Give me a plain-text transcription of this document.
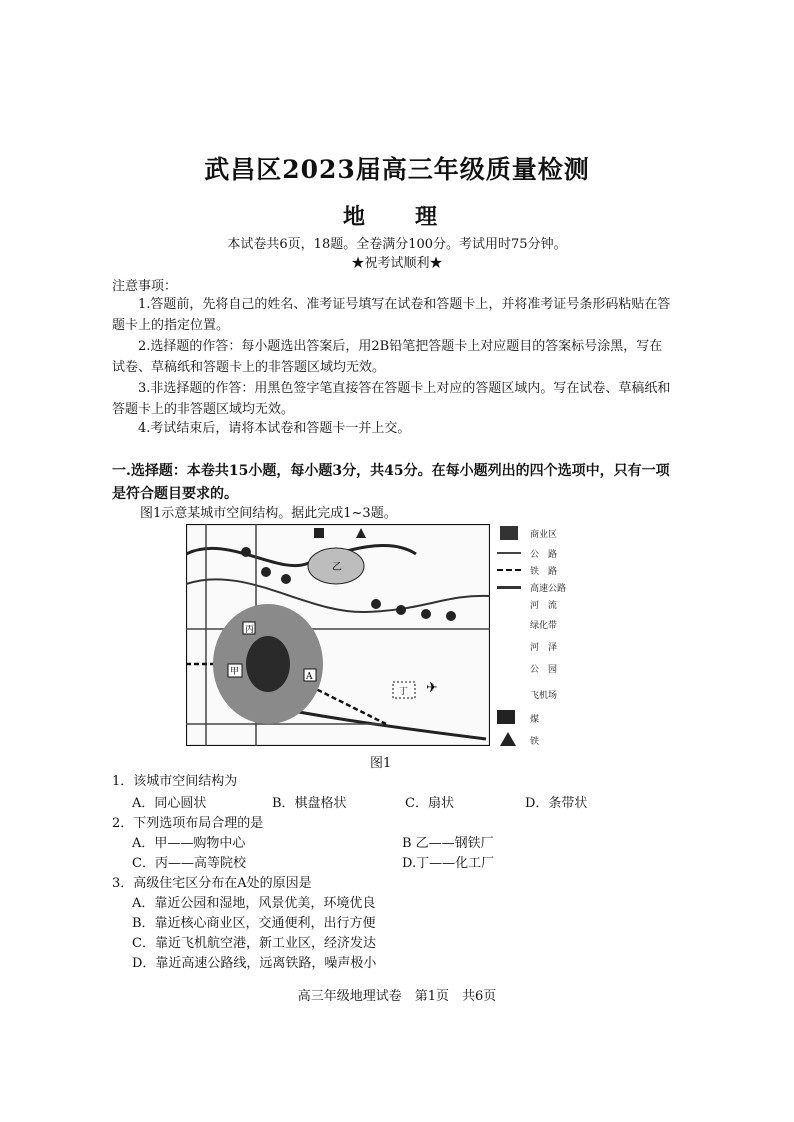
武昌区2023届高三年级质量检测
地　理
本试卷共6页，18题。全卷满分100分。考试用时75分钟。
★祝考试顺利★
注意事项：
1.答题前，先将自己的姓名、准考证号填写在试卷和答题卡上，并将准考证号条形码粘贴在答题卡上的指定位置。
2.选择题的作答：每小题选出答案后，用2B铅笔把答题卡上对应题目的答案标号涂黑，写在试卷、草稿纸和答题卡上的非答题区域均无效。
3.非选择题的作答：用黑色签字笔直接答在答题卡上对应的答题区域内。写在试卷、草稿纸和答题卡上的非答题区域均无效。
4.考试结束后，请将本试卷和答题卡一并上交。
一.选择题：本卷共15小题，每小题3分，共45分。在每小题列出的四个选项中，只有一项是符合题目要求的。
图1示意某城市空间结构。据此完成1~3题。
乙
丙
甲	A
丁 ✈
商业区
公　路
铁　路
高速公路
河　流
绿化带
河　泽
公　园
飞机场
煤
铁
图1
1．该城市空间结构为
A．同心圆状	B．棋盘格状	C．扇状	D．条带状
2．下列选项布局合理的是
A．甲——购物中心	B 乙——钢铁厂
C．丙——高等院校	D.丁——化工厂
3．高级住宅区分布在A处的原因是
A．靠近公园和湿地，风景优美，环境优良
B．靠近核心商业区，交通便利，出行方便
C．靠近飞机航空港，新工业区，经济发达
D．靠近高速公路线，远离铁路，噪声极小
高三年级地理试卷　第1页　共6页
